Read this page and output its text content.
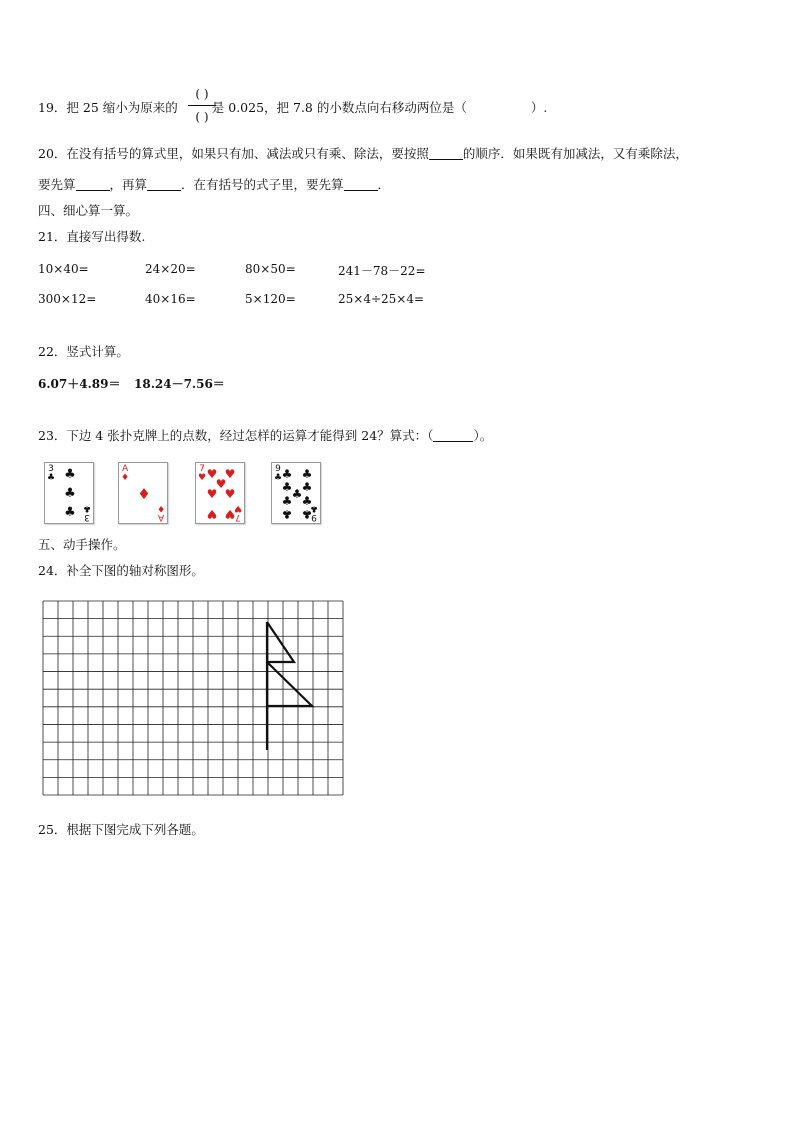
19．把 25 缩小为原来的	是 0.025，把 7.8 的小数点向右移动两位是（	）.
( )
( )
20．在没有括号的算式里，如果只有加、减法或只有乘、除法，要按照	的顺序．如果既有加减法，又有乘除法，
要先算	，再算	．在有括号的式子里，要先算	．
四、细心算一算。
21．直接写出得数.
10×40=	24×20=	80×50=	241－78－22=
300×12=	40×16=	5×120=	25×4÷25×4=
22．竖式计算。
6.07＋4.89＝ 18.24－7.56＝
23．下边 4 张扑克牌上的点数，经过怎样的运算才能得到 24？算式：（	）。
3
♣
3
♣
♣
♣
♣
A
♦
A
♦
♦
7
♥
7
♥
♥ ♥
♥
♥ ♥
♥ ♥
9
♣
9
♣
♣ ♣
♣ ♣
♣
♣ ♣
♣ ♣
五、动手操作。
24．补全下图的轴对称图形。
25．根据下图完成下列各题。
